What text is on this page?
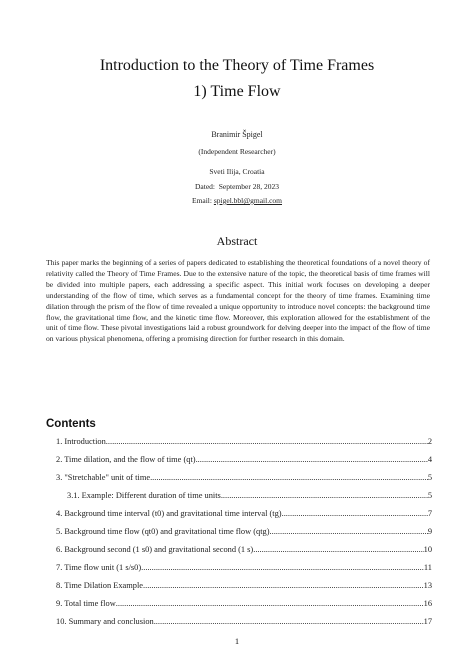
Introduction to the Theory of Time Frames
1) Time Flow
Branimir Špigel
(Independent Researcher)
Sveti Ilija, Croatia
Dated: September 28, 2023
Email: spigel.bbl@gmail.com
Abstract
This paper marks the beginning of a series of papers dedicated to establishing the theoretical foundations of a novel theory of relativity called the Theory of Time Frames. Due to the extensive nature of the topic, the theoretical basis of time frames will be divided into multiple papers, each addressing a specific aspect. This initial work focuses on developing a deeper understanding of the flow of time, which serves as a fundamental concept for the theory of time frames. Examining time dilation through the prism of the flow of time revealed a unique opportunity to introduce novel concepts: the background time flow, the gravitational time flow, and the kinetic time flow. Moreover, this exploration allowed for the establishment of the unit of time flow. These pivotal investigations laid a robust groundwork for delving deeper into the impact of the flow of time on various physical phenomena, offering a promising direction for further research in this domain.
Contents
1. Introduction .....	2
2. Time dilation, and the flow of time (qt) .....	4
3. "Stretchable" unit of time .....	5
3.1. Example: Different duration of time units .....	5
4. Background time interval (t0) and gravitational time interval (tg) .....	7
5. Background time flow (qt0) and gravitational time flow (qtg) .....	9
6. Background second (1 s0) and gravitational second (1 s) .....	10
7. Time flow unit (1 s/s0) .....	11
8. Time Dilation Example .....	13
9. Total time flow .....	16
10. Summary and conclusion .....	17
1
